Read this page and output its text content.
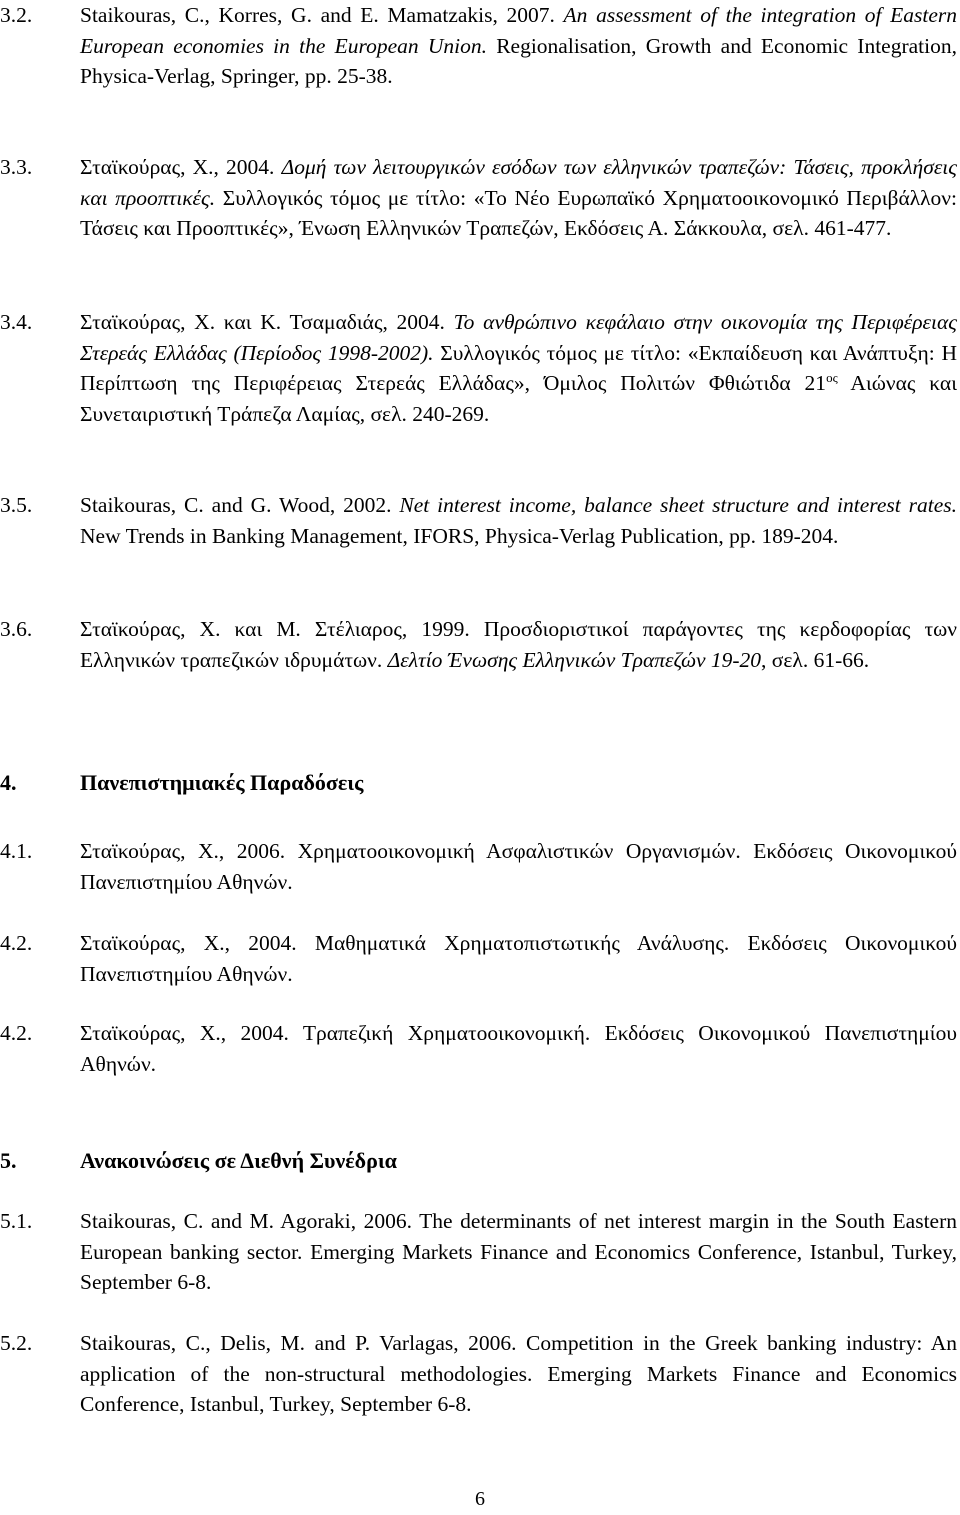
3.2. Staikouras, C., Korres, G. and E. Mamatzakis, 2007. An assessment of the integration of Eastern European economies in the European Union. Regionalisation, Growth and Economic Integration, Physica-Verlag, Springer, pp. 25-38.
3.3. Σταϊκούρας, Χ., 2004. Δομή των λειτουργικών εσόδων των ελληνικών τραπεζών: Τάσεις, προκλήσεις και προοπτικές. Συλλογικός τόμος με τίτλο: «Το Νέο Ευρωπαϊκό Χρηματοοικονομικό Περιβάλλον: Τάσεις και Προοπτικές», Ένωση Ελληνικών Τραπεζών, Εκδόσεις Α. Σάκκουλα, σελ. 461-477.
3.4. Σταϊκούρας, Χ. και Κ. Τσαμαδιάς, 2004. Το ανθρώπινο κεφάλαιο στην οικονομία της Περιφέρειας Στερεάς Ελλάδας (Περίοδος 1998-2002). Συλλογικός τόμος με τίτλο: «Εκπαίδευση και Ανάπτυξη: Η Περίπτωση της Περιφέρειας Στερεάς Ελλάδας», Όμιλος Πολιτών Φθιώτιδα $21^{o\varsigma}$ Αιώνας και Συνεταιριστική Τράπεζα Λαμίας, σελ. 240-269.
3.5. Staikouras, C. and G. Wood, 2002. Net interest income, balance sheet structure and interest rates. New Trends in Banking Management, IFORS, Physica-Verlag Publication, pp. 189-204.
3.6. Σταϊκούρας, Χ. και Μ. Στέλιαρος, 1999. Προσδιοριστικοί παράγοντες της κερδοφορίας των Ελληνικών τραπεζικών ιδρυμάτων. Δελτίο Ένωσης Ελληνικών Τραπεζών 19-20, σελ. 61-66.
4.	Πανεπιστημιακές Παραδόσεις
4.1. Σταϊκούρας, Χ., 2006. Χρηματοοικονομική Ασφαλιστικών Οργανισμών. Εκδόσεις Οικονομικού Πανεπιστημίου Αθηνών.
4.2. Σταϊκούρας, Χ., 2004. Μαθηματικά Χρηματοπιστωτικής Ανάλυσης. Εκδόσεις Οικονομικού Πανεπιστημίου Αθηνών.
4.2. Σταϊκούρας, Χ., 2004. Τραπεζική Χρηματοοικονομική. Εκδόσεις Οικονομικού Πανεπιστημίου Αθηνών.
5.	Ανακοινώσεις σε Διεθνή Συνέδρια
5.1. Staikouras, C. and M. Agoraki, 2006. The determinants of net interest margin in the South Eastern European banking sector. Emerging Markets Finance and Economics Conference, Istanbul, Turkey, September 6-8.
5.2. Staikouras, C., Delis, M. and P. Varlagas, 2006. Competition in the Greek banking industry: An application of the non-structural methodologies. Emerging Markets Finance and Economics Conference, Istanbul, Turkey, September 6-8.
6
